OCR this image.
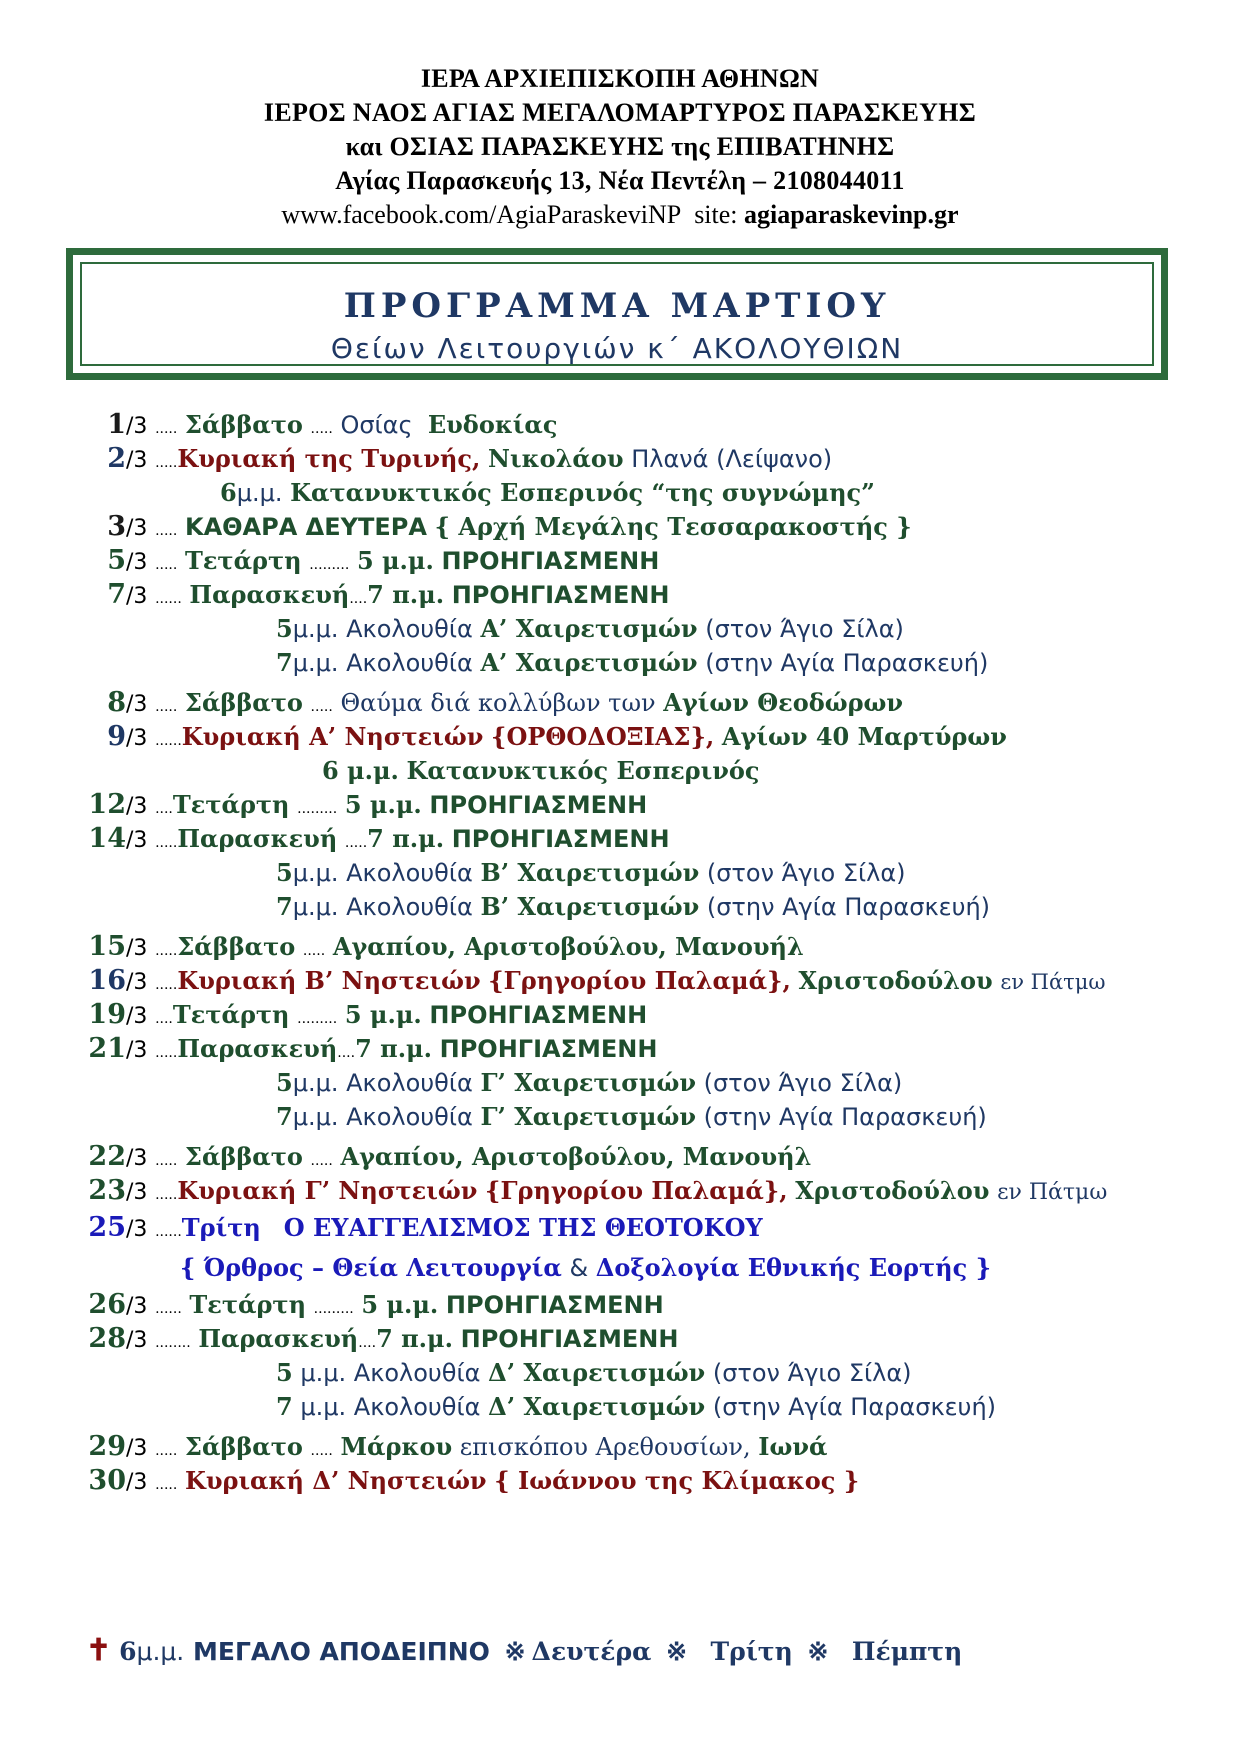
ΙΕΡΑ ΑΡΧΙΕΠΙΣΚΟΠΗ ΑΘΗΝΩΝ
ΙΕΡΟΣ ΝΑΟΣ ΑΓΙΑΣ ΜΕΓΑΛΟΜΑΡΤΥΡΟΣ ΠΑΡΑΣΚΕΥΗΣ
και ΟΣΙΑΣ ΠΑΡΑΣΚΕΥΗΣ της ΕΠΙΒΑΤΗΝΗΣ
Αγίας Παρασκευής 13, Νέα Πεντέλη – 2108044011
www.facebook.com/AgiaParaskeviNP site: agiaparaskevinp.gr
ΠΡΟΓΡΑΜΜΑ ΜΑΡΤΙΟΥ
Θείων Λειτουργιών κ΄ ΑΚΟΛΟΥΘΙΩΝ
1 /3 ..... Σάββατο ..... Οσίας Ευδοκίας
2 /3 .....Κυριακή της Τυρινής, Νικολάου Πλανά (Λείψανο)
6μ.μ. Κατανυκτικός Εσπερινός “της συγνώμης”
3 /3 ..... ΚΑΘΑΡΑ ΔΕΥΤΕΡΑ { Αρχή Μεγάλης Τεσσαρακοστής }
5 /3 ..... Τετάρτη ......... 5 μ.μ. ΠΡΟΗΓΙΑΣΜΕΝΗ
7 /3 ...... Παρασκευή....7 π.μ. ΠΡΟΗΓΙΑΣΜΕΝΗ
5μ.μ. Ακολουθία Α’ Χαιρετισμών (στον Άγιο Σίλα)
7μ.μ. Ακολουθία Α’ Χαιρετισμών (στην Αγία Παρασκευή)
8 /3 ..... Σάββατο ..... Θαύμα διά κολλύβων των Αγίων Θεοδώρων
9 /3 ......Κυριακή Α’ Νηστειών {ΟΡΘΟΔΟΞΙΑΣ}, Αγίων 40 Μαρτύρων
6 μ.μ. Κατανυκτικός Εσπερινός
12 /3 ....Τετάρτη ......... 5 μ.μ. ΠΡΟΗΓΙΑΣΜΕΝΗ
14 /3 .....Παρασκευή .....7 π.μ. ΠΡΟΗΓΙΑΣΜΕΝΗ
5μ.μ. Ακολουθία Β’ Χαιρετισμών (στον Άγιο Σίλα)
7μ.μ. Ακολουθία Β’ Χαιρετισμών (στην Αγία Παρασκευή)
15 /3 .....Σάββατο ..... Αγαπίου, Αριστοβούλου, Μανουήλ
16 /3 .....Κυριακή Β’ Νηστειών {Γρηγορίου Παλαμά}, Χριστοδούλου εν Πάτμω
19 /3 ....Τετάρτη ......... 5 μ.μ. ΠΡΟΗΓΙΑΣΜΕΝΗ
21 /3 .....Παρασκευή....7 π.μ. ΠΡΟΗΓΙΑΣΜΕΝΗ
5μ.μ. Ακολουθία Γ’ Χαιρετισμών (στον Άγιο Σίλα)
7μ.μ. Ακολουθία Γ’ Χαιρετισμών (στην Αγία Παρασκευή)
22 /3 ..... Σάββατο ..... Αγαπίου, Αριστοβούλου, Μανουήλ
23 /3 .....Κυριακή Γ’ Νηστειών {Γρηγορίου Παλαμά}, Χριστοδούλου εν Πάτμω
25 /3 ......Τρίτη Ο ΕΥΑΓΓΕΛΙΣΜΟΣ ΤΗΣ ΘΕΟΤΟΚΟΥ
{ Όρθρος – Θεία Λειτουργία & Δοξολογία Εθνικής Εορτής }
26 /3 ...... Τετάρτη ......... 5 μ.μ. ΠΡΟΗΓΙΑΣΜΕΝΗ
28 /3 ........ Παρασκευή....7 π.μ. ΠΡΟΗΓΙΑΣΜΕΝΗ
5 μ.μ. Ακολουθία Δ’ Χαιρετισμών (στον Άγιο Σίλα)
7 μ.μ. Ακολουθία Δ’ Χαιρετισμών (στην Αγία Παρασκευή)
29 /3 ..... Σάββατο ..... Μάρκου επισκόπου Αρεθουσίων, Ιωνά
30 /3 ..... Κυριακή Δ’ Νηστειών { Ιωάννου της Κλίμακος }
✝ 6μ.μ. ΜΕΓΑΛΟ ΑΠΟΔΕΙΠΝΟ ※ Δευτέρα ※ Τρίτη ※ Πέμπτη
